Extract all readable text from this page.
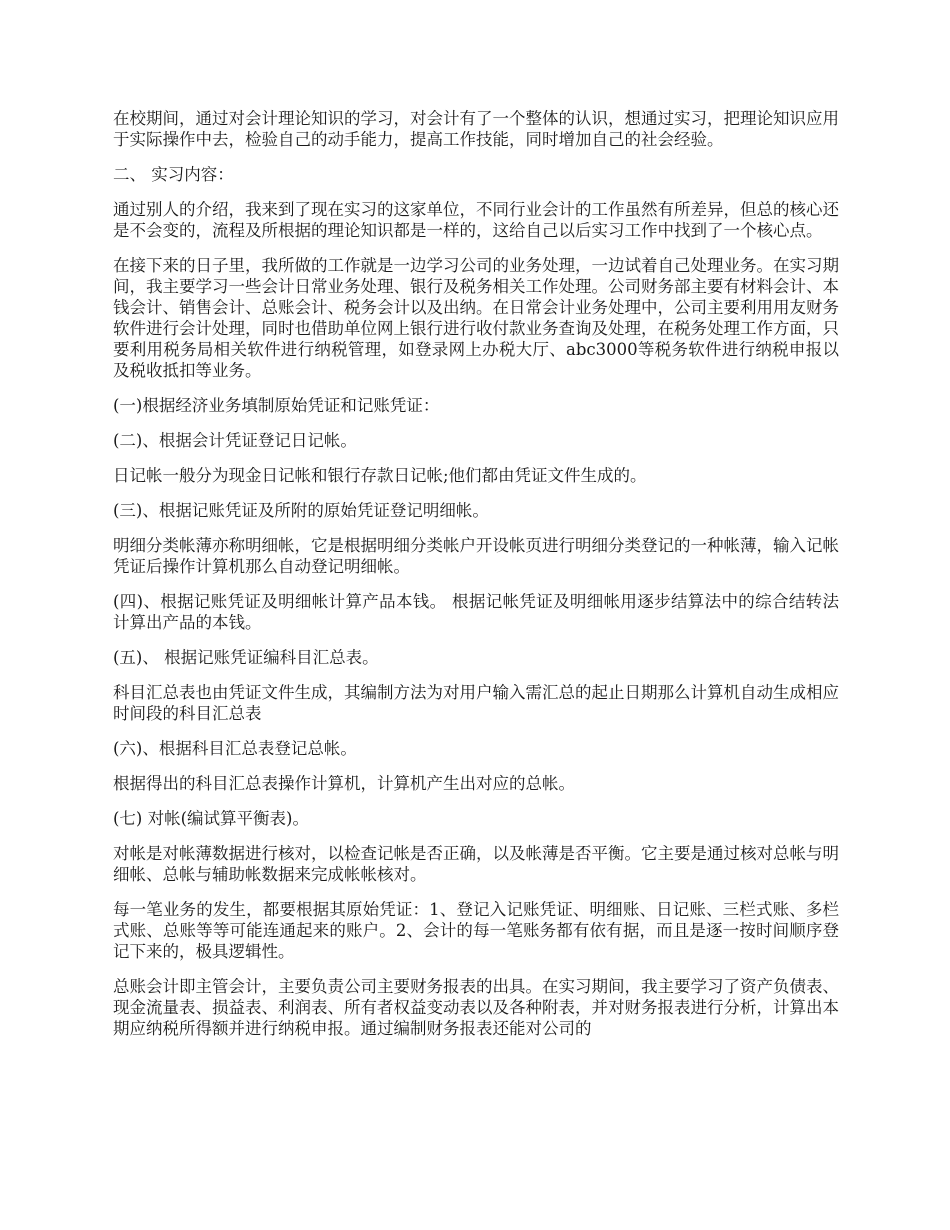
在校期间，通过对会计理论知识的学习，对会计有了一个整体的认识，想通过实习，把理论知识应用于实际操作中去，检验自己的动手能力，提高工作技能，同时增加自己的社会经验。

二、 实习内容：

通过别人的介绍，我来到了现在实习的这家单位，不同行业会计的工作虽然有所差异，但总的核心还是不会变的，流程及所根据的理论知识都是一样的，这给自己以后实习工作中找到了一个核心点。

在接下来的日子里，我所做的工作就是一边学习公司的业务处理，一边试着自己处理业务。在实习期间，我主要学习一些会计日常业务处理、银行及税务相关工作处理。公司财务部主要有材料会计、本钱会计、销售会计、总账会计、税务会计以及出纳。在日常会计业务处理中，公司主要利用用友财务软件进行会计处理，同时也借助单位网上银行进行收付款业务查询及处理，在税务处理工作方面，只要利用税务局相关软件进行纳税管理，如登录网上办税大厅、abc3000等税务软件进行纳税申报以及税收抵扣等业务。

(一)根据经济业务填制原始凭证和记账凭证：

(二)、根据会计凭证登记日记帐。

日记帐一般分为现金日记帐和银行存款日记帐;他们都由凭证文件生成的。

(三)、根据记账凭证及所附的原始凭证登记明细帐。

明细分类帐薄亦称明细帐，它是根据明细分类帐户开设帐页进行明细分类登记的一种帐薄，输入记帐凭证后操作计算机那么自动登记明细帐。

(四)、根据记账凭证及明细帐计算产品本钱。 根据记帐凭证及明细帐用逐步结算法中的综合结转法计算出产品的本钱。

(五)、 根据记账凭证编科目汇总表。

科目汇总表也由凭证文件生成，其编制方法为对用户输入需汇总的起止日期那么计算机自动生成相应时间段的科目汇总表

(六)、根据科目汇总表登记总帐。

根据得出的科目汇总表操作计算机，计算机产生出对应的总帐。

(七) 对帐(编试算平衡表)。

对帐是对帐薄数据进行核对，以检查记帐是否正确，以及帐薄是否平衡。它主要是通过核对总帐与明细帐、总帐与辅助帐数据来完成帐帐核对。

每一笔业务的发生，都要根据其原始凭证：1、登记入记账凭证、明细账、日记账、三栏式账、多栏式账、总账等等可能连通起来的账户。2、会计的每一笔账务都有依有据，而且是逐一按时间顺序登记下来的，极具逻辑性。

总账会计即主管会计，主要负责公司主要财务报表的出具。在实习期间，我主要学习了资产负债表、现金流量表、损益表、利润表、所有者权益变动表以及各种附表，并对财务报表进行分析，计算出本期应纳税所得额并进行纳税申报。通过编制财务报表还能对公司的
